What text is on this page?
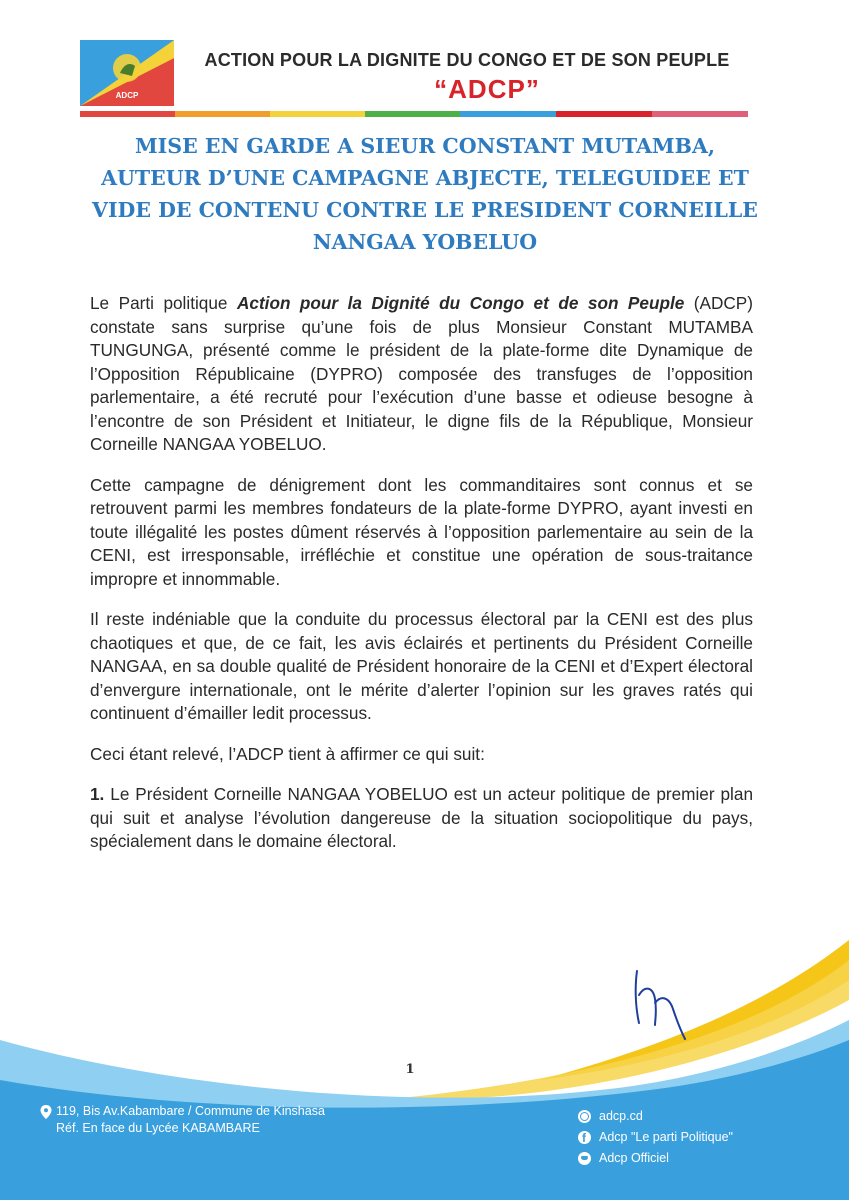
ADCP
ACTION POUR LA DIGNITE DU CONGO ET DE SON PEUPLE
“ADCP”
MISE EN GARDE A SIEUR CONSTANT MUTAMBA,
AUTEUR D’UNE CAMPAGNE ABJECTE, TELEGUIDEE ET
VIDE DE CONTENU CONTRE LE PRESIDENT CORNEILLE
NANGAA YOBELUO

Le Parti politique Action pour la Dignité du Congo et de son Peuple (ADCP) constate sans surprise qu’une fois de plus Monsieur Constant MUTAMBA TUNGUNGA, présenté comme le président de la plate-forme dite Dynamique de l’Opposition Républicaine (DYPRO) composée des transfuges de l’opposition parlementaire, a été recruté pour l’exécution d’une basse et odieuse besogne à l’encontre de son Président et Initiateur, le digne fils de la République, Monsieur Corneille NANGAA YOBELUO.

Cette campagne de dénigrement dont les commanditaires sont connus et se retrouvent parmi les membres fondateurs de la plate-forme DYPRO, ayant investi en toute illégalité les postes dûment réservés à l’opposition parlementaire au sein de la CENI, est irresponsable, irréfléchie et constitue une opération de sous-traitance impropre et innommable.

Il reste indéniable que la conduite du processus électoral par la CENI est des plus chaotiques et que, de ce fait, les avis éclairés et pertinents du Président Corneille NANGAA, en sa double qualité de Président honoraire de la CENI et d’Expert électoral d’envergure internationale, ont le mérite d’alerter l’opinion sur les graves ratés qui continuent d’émailler ledit processus.

Ceci étant relevé, l’ADCP tient à affirmer ce qui suit:

1. Le Président Corneille NANGAA YOBELUO est un acteur politique de premier plan qui suit et analyse l’évolution dangereuse de la situation sociopolitique du pays, spécialement dans le domaine électoral.

1
119, Bis Av.Kabambare / Commune de Kinshasa
Réf. En face du Lycée KABAMBARE
adcp.cd
f
Adcp "Le parti Politique"
Adcp Officiel
